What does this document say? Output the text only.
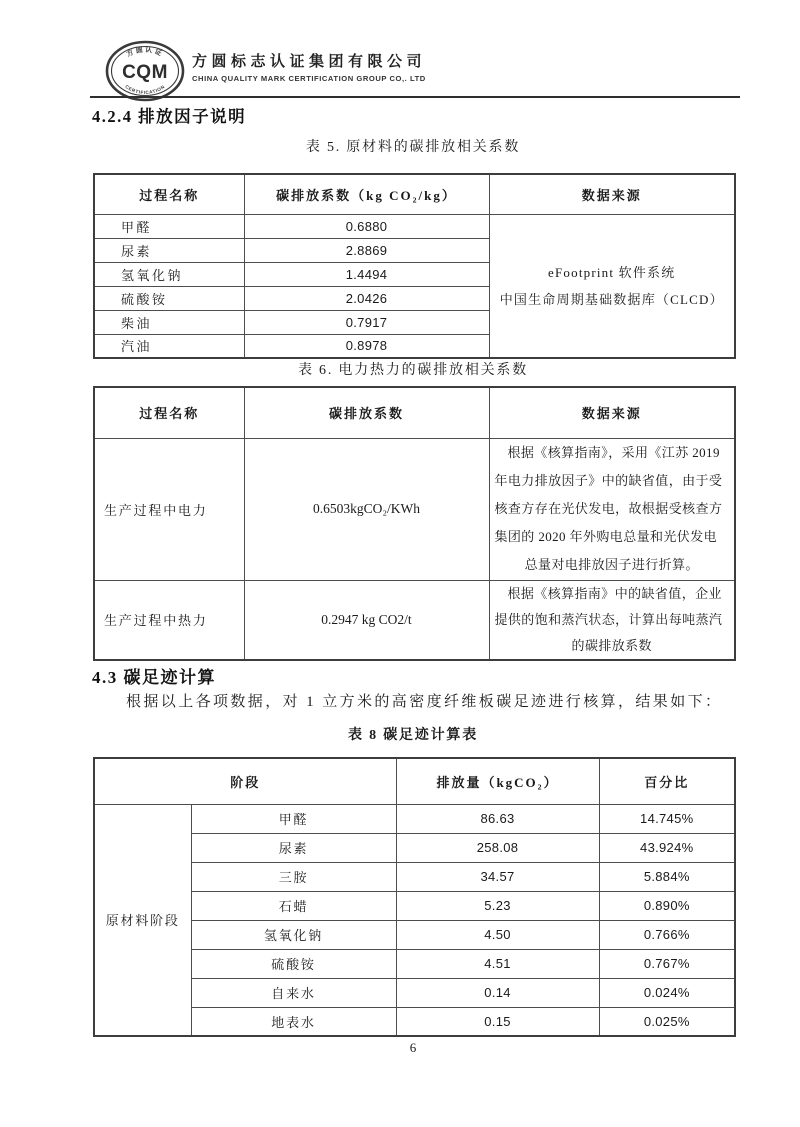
方圆认证
CERTIFICATION
CQM 方圆标志认证集团有限公司
CHINA QUALITY MARK CERTIFICATION GROUP CO,. LTD
4.2.4 排放因子说明
表 5. 原材料的碳排放相关系数
过程名称	碳排放系数（kg CO₂/kg）	数据来源
甲醛	0.6880	eFootprint 软件系统
中国生命周期基础数据库（CLCD）

尿素	2.8869	
氢氧化钠	1.4494	
硫酸铵	2.0426	
柴油	0.7917	
汽油	0.8978	
表 6. 电力热力的碳排放相关系数
过程名称	碳排放系数	数据来源
生产过程中电力	0.6503kgCO₂/KWh	根据《核算指南》，采用《江苏 2019
年电力排放因子》中的缺省值，由于受
核查方存在光伏发电，故根据受核查方
集团的 2020 年外购电总量和光伏发电
总量对电排放因子进行折算。

生产过程中热力	0.2947 kg CO2/t	根据《核算指南》中的缺省值，企业
提供的饱和蒸汽状态，计算出每吨蒸汽
的碳排放系数
4.3 碳足迹计算
根据以上各项数据，对 1 立方米的高密度纤维板碳足迹进行核算，结果如下：
表 8 碳足迹计算表
阶段		排放量（kgCO₂）	百分比
原材料阶段	甲醛	86.63	14.745%
	尿素	258.08	43.924%
	三胺	34.57	5.884%
	石蜡	5.23	0.890%
	氢氧化钠	4.50	0.766%
	硫酸铵	4.51	0.767%
	自来水	0.14	0.024%
	地表水	0.15	0.025%
6
